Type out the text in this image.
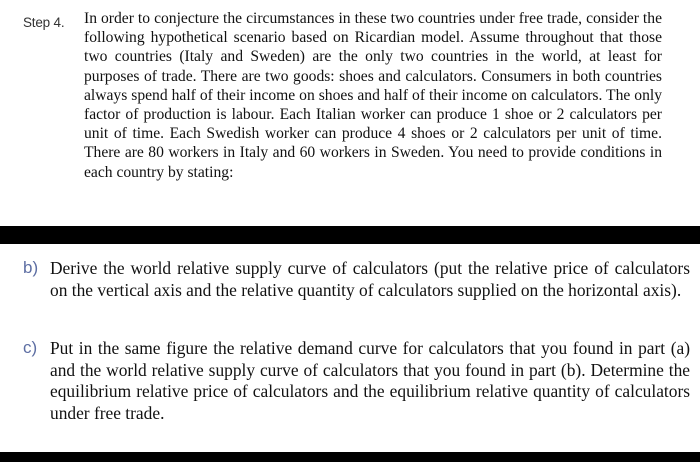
Step 4. In order to conjecture the circumstances in these two countries under free trade, consider the following hypothetical scenario based on Ricardian model. Assume throughout that those two countries (Italy and Sweden) are the only two countries in the world, at least for purposes of trade. There are two goods: shoes and calculators. Consumers in both countries always spend half of their income on shoes and half of their income on calculators. The only factor of production is labour. Each Italian worker can produce 1 shoe or 2 calculators per unit of time. Each Swedish worker can produce 4 shoes or 2 calculators per unit of time. There are 80 workers in Italy and 60 workers in Sweden. You need to provide conditions in each country by stating:

b) Derive the world relative supply curve of calculators (put the relative price of calculators on the vertical axis and the relative quantity of calculators supplied on the horizontal axis).

c) Put in the same figure the relative demand curve for calculators that you found in part (a) and the world relative supply curve of calculators that you found in part (b). Determine the equilibrium relative price of calculators and the equilibrium relative quantity of calculators under free trade.
